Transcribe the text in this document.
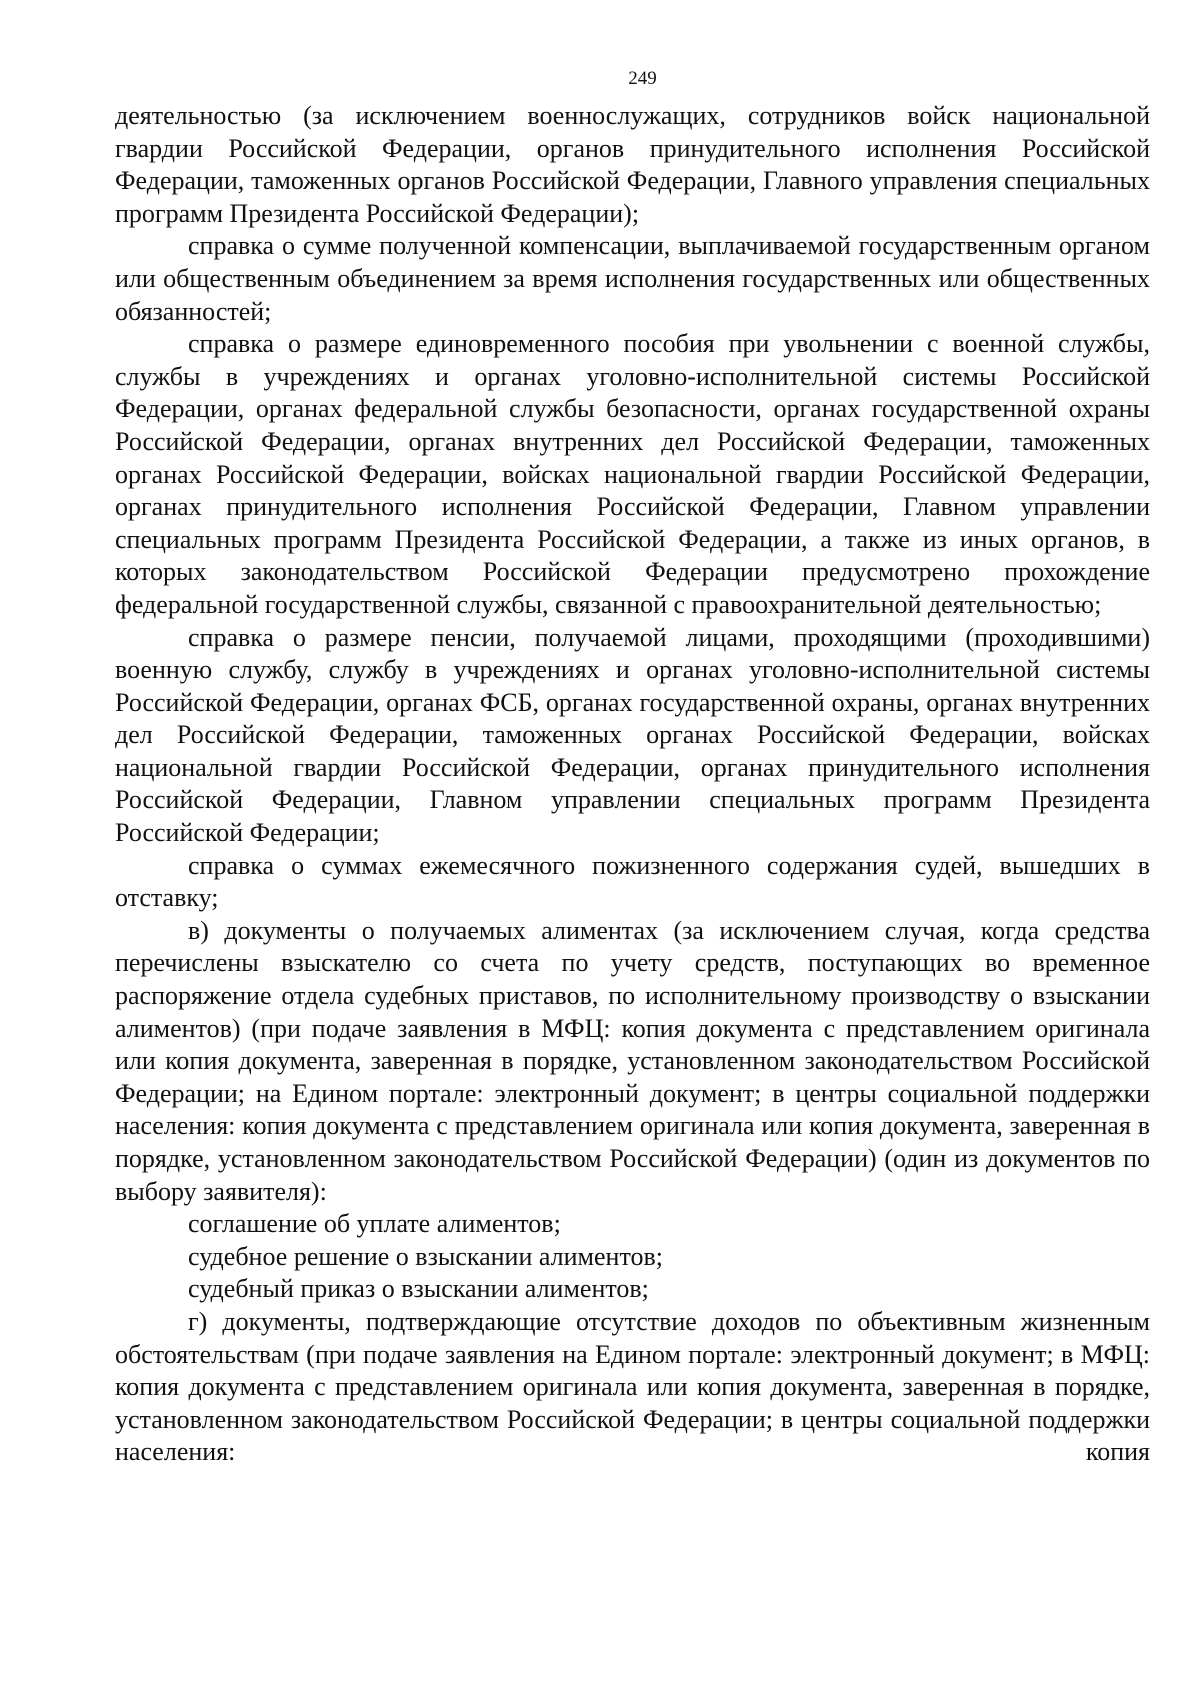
249

деятельностью (за исключением военнослужащих, сотрудников войск национальной гвардии Российской Федерации, органов принудительного исполнения Российской Федерации, таможенных органов Российской Федерации, Главного управления специальных программ Президента Российской Федерации);

справка о сумме полученной компенсации, выплачиваемой государственным органом или общественным объединением за время исполнения государственных или общественных обязанностей;

справка о размере единовременного пособия при увольнении с военной службы, службы в учреждениях и органах уголовно-исполнительной системы Российской Федерации, органах федеральной службы безопасности, органах государственной охраны Российской Федерации, органах внутренних дел Российской Федерации, таможенных органах Российской Федерации, войсках национальной гвардии Российской Федерации, органах принудительного исполнения Российской Федерации, Главном управлении специальных программ Президента Российской Федерации, а также из иных органов, в которых законодательством Российской Федерации предусмотрено прохождение федеральной государственной службы, связанной с правоохранительной деятельностью;

справка о размере пенсии, получаемой лицами, проходящими (проходившими) военную службу, службу в учреждениях и органах уголовно-исполнительной системы Российской Федерации, органах ФСБ, органах государственной охраны, органах внутренних дел Российской Федерации, таможенных органах Российской Федерации, войсках национальной гвардии Российской Федерации, органах принудительного исполнения Российской Федерации, Главном управлении специальных программ Президента Российской Федерации;

справка о суммах ежемесячного пожизненного содержания судей, вышедших в отставку;

в) документы о получаемых алиментах (за исключением случая, когда средства перечислены взыскателю со счета по учету средств, поступающих во временное распоряжение отдела судебных приставов, по исполнительному производству о взыскании алиментов) (при подаче заявления в МФЦ: копия документа с представлением оригинала или копия документа, заверенная в порядке, установленном законодательством Российской Федерации; на Едином портале: электронный документ; в центры социальной поддержки населения: копия документа с представлением оригинала или копия документа, заверенная в порядке, установленном законодательством Российской Федерации) (один из документов по выбору заявителя):

соглашение об уплате алиментов;

судебное решение о взыскании алиментов;

судебный приказ о взыскании алиментов;

г) документы, подтверждающие отсутствие доходов по объективным жизненным обстоятельствам (при подаче заявления на Едином портале: электронный документ; в МФЦ: копия документа с представлением оригинала или копия документа, заверенная в порядке, установленном законодательством Российской Федерации; в центры социальной поддержки населения: копия
